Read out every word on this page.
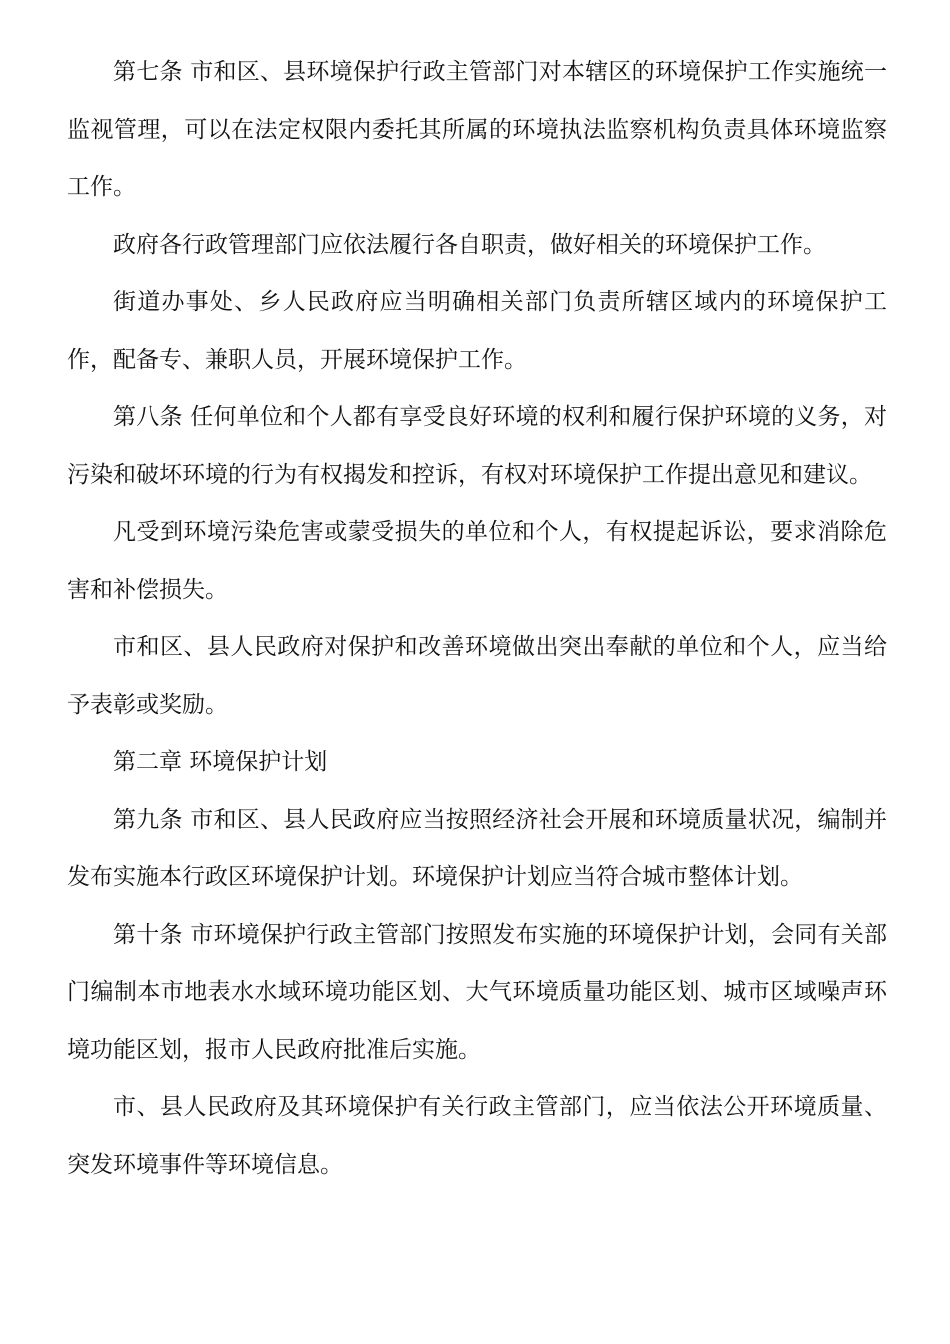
第七条 市和区、县环境保护行政主管部门对本辖区的环境保护工作实施统一监视管理，可以在法定权限内委托其所属的环境执法监察机构负责具体环境监察工作。

政府各行政管理部门应依法履行各自职责，做好相关的环境保护工作。

街道办事处、乡人民政府应当明确相关部门负责所辖区域内的环境保护工作，配备专、兼职人员，开展环境保护工作。

第八条 任何单位和个人都有享受良好环境的权利和履行保护环境的义务，对污染和破坏环境的行为有权揭发和控诉，有权对环境保护工作提出意见和建议。

凡受到环境污染危害或蒙受损失的单位和个人，有权提起诉讼，要求消除危害和补偿损失。

市和区、县人民政府对保护和改善环境做出突出奉献的单位和个人，应当给予表彰或奖励。

第二章 环境保护计划

第九条 市和区、县人民政府应当按照经济社会开展和环境质量状况，编制并发布实施本行政区环境保护计划。环境保护计划应当符合城市整体计划。

第十条 市环境保护行政主管部门按照发布实施的环境保护计划，会同有关部门编制本市地表水水域环境功能区划、大气环境质量功能区划、城市区域噪声环境功能区划，报市人民政府批准后实施。

市、县人民政府及其环境保护有关行政主管部门，应当依法公开环境质量、突发环境事件等环境信息。
